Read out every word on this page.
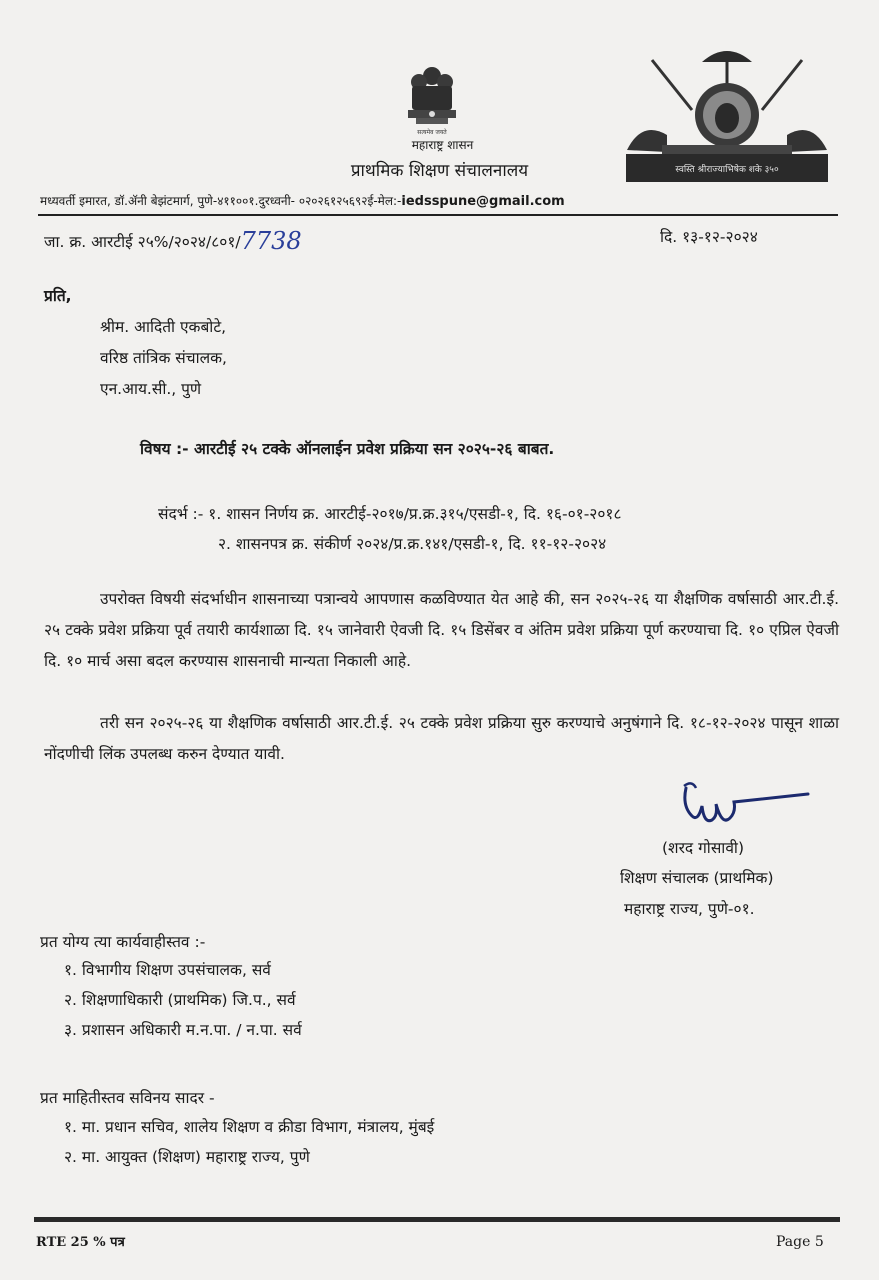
सत्यमेव जयते
स्वस्ति श्रीराज्याभिषेक शके ३५०
महाराष्ट्र शासन
प्राथमिक शिक्षण संचालनालय
मध्यवर्ती इमारत, डॉ.ॲनी बेझंटमार्ग, पुणे-४११००१.दुरध्वनी- ०२०२६१२५६९२ई-मेल:-iedsspune@gmail.com
जा. क्र. आरटीई २५%/२०२४/८०१/7738	दि. १३-१२-२०२४
प्रति,
श्रीम. आदिती एकबोटे,
वरिष्ठ तांत्रिक संचालक,
एन.आय.सी., पुणे
विषय :- आरटीई २५ टक्के ऑनलाईन प्रवेश प्रक्रिया सन २०२५-२६ बाबत.
संदर्भ :- १. शासन निर्णय क्र. आरटीई-२०१७/प्र.क्र.३१५/एसडी-१, दि. १६-०१-२०१८
२. शासनपत्र क्र. संकीर्ण २०२४/प्र.क्र.१४१/एसडी-१, दि. ११-१२-२०२४
उपरोक्त विषयी संदर्भाधीन शासनाच्या पत्रान्वये आपणास कळविण्यात येत आहे की, सन २०२५-२६ या शैक्षणिक वर्षासाठी आर.टी.ई. २५ टक्के प्रवेश प्रक्रिया पूर्व तयारी कार्यशाळा दि. १५ जानेवारी ऐवजी दि. १५ डिसेंबर व अंतिम प्रवेश प्रक्रिया पूर्ण करण्याचा दि. १० एप्रिल ऐवजी दि. १० मार्च असा बदल करण्यास शासनाची मान्यता निकाली आहे.
तरी सन २०२५-२६ या शैक्षणिक वर्षासाठी आर.टी.ई. २५ टक्के प्रवेश प्रक्रिया सुरु करण्याचे अनुषंगाने दि. १८-१२-२०२४ पासून शाळा नोंदणीची लिंक उपलब्ध करुन देण्यात यावी.
(शरद गोसावी)
शिक्षण संचालक (प्राथमिक)
महाराष्ट्र राज्य, पुणे-०१.
प्रत योग्य त्या कार्यवाहीस्तव :-
१. विभागीय शिक्षण उपसंचालक, सर्व
२. शिक्षणाधिकारी (प्राथमिक) जि.प., सर्व
३. प्रशासन अधिकारी म.न.पा. / न.पा. सर्व
प्रत माहितीस्तव सविनय सादर -
१. मा. प्रधान सचिव, शालेय शिक्षण व क्रीडा विभाग, मंत्रालय, मुंबई
२. मा. आयुक्त (शिक्षण) महाराष्ट्र राज्य, पुणे
RTE 25 % पत्र	Page 5
